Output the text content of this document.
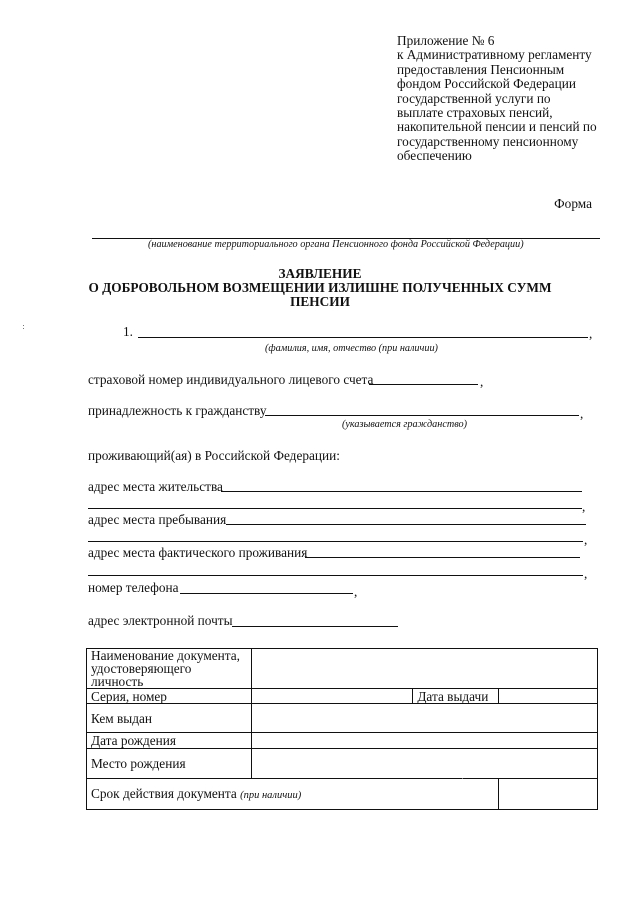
Приложение № 6
к Административному регламенту
предоставления Пенсионным
фондом Российской Федерации
государственной услуги по
выплате страховых пенсий,
накопительной пенсии и пенсий по
государственному пенсионному
обеспечению
Форма
(наименование территориального органа Пенсионного фонда Российской Федерации)
ЗАЯВЛЕНИЕ
О ДОБРОВОЛЬНОМ ВОЗМЕЩЕНИИ ИЗЛИШНЕ ПОЛУЧЕННЫХ СУММ
ПЕНСИИ
1.	,
(фамилия, имя, отчество (при наличии)
страховой номер индивидуального лицевого счета	,
принадлежность к гражданству	,
(указывается гражданство)
проживающий(ая) в Российской Федерации:
адрес места жительства
,
адрес места пребывания
,
адрес места фактического проживания
,
номер телефона	,
адрес электронной почты
Наименование документа,
удостоверяющего личность			

Серия, номер		Дата выдачи	
Кем выдан			
Дата рождения			
Место рождения			
Срок действия документа (при наличии)			
